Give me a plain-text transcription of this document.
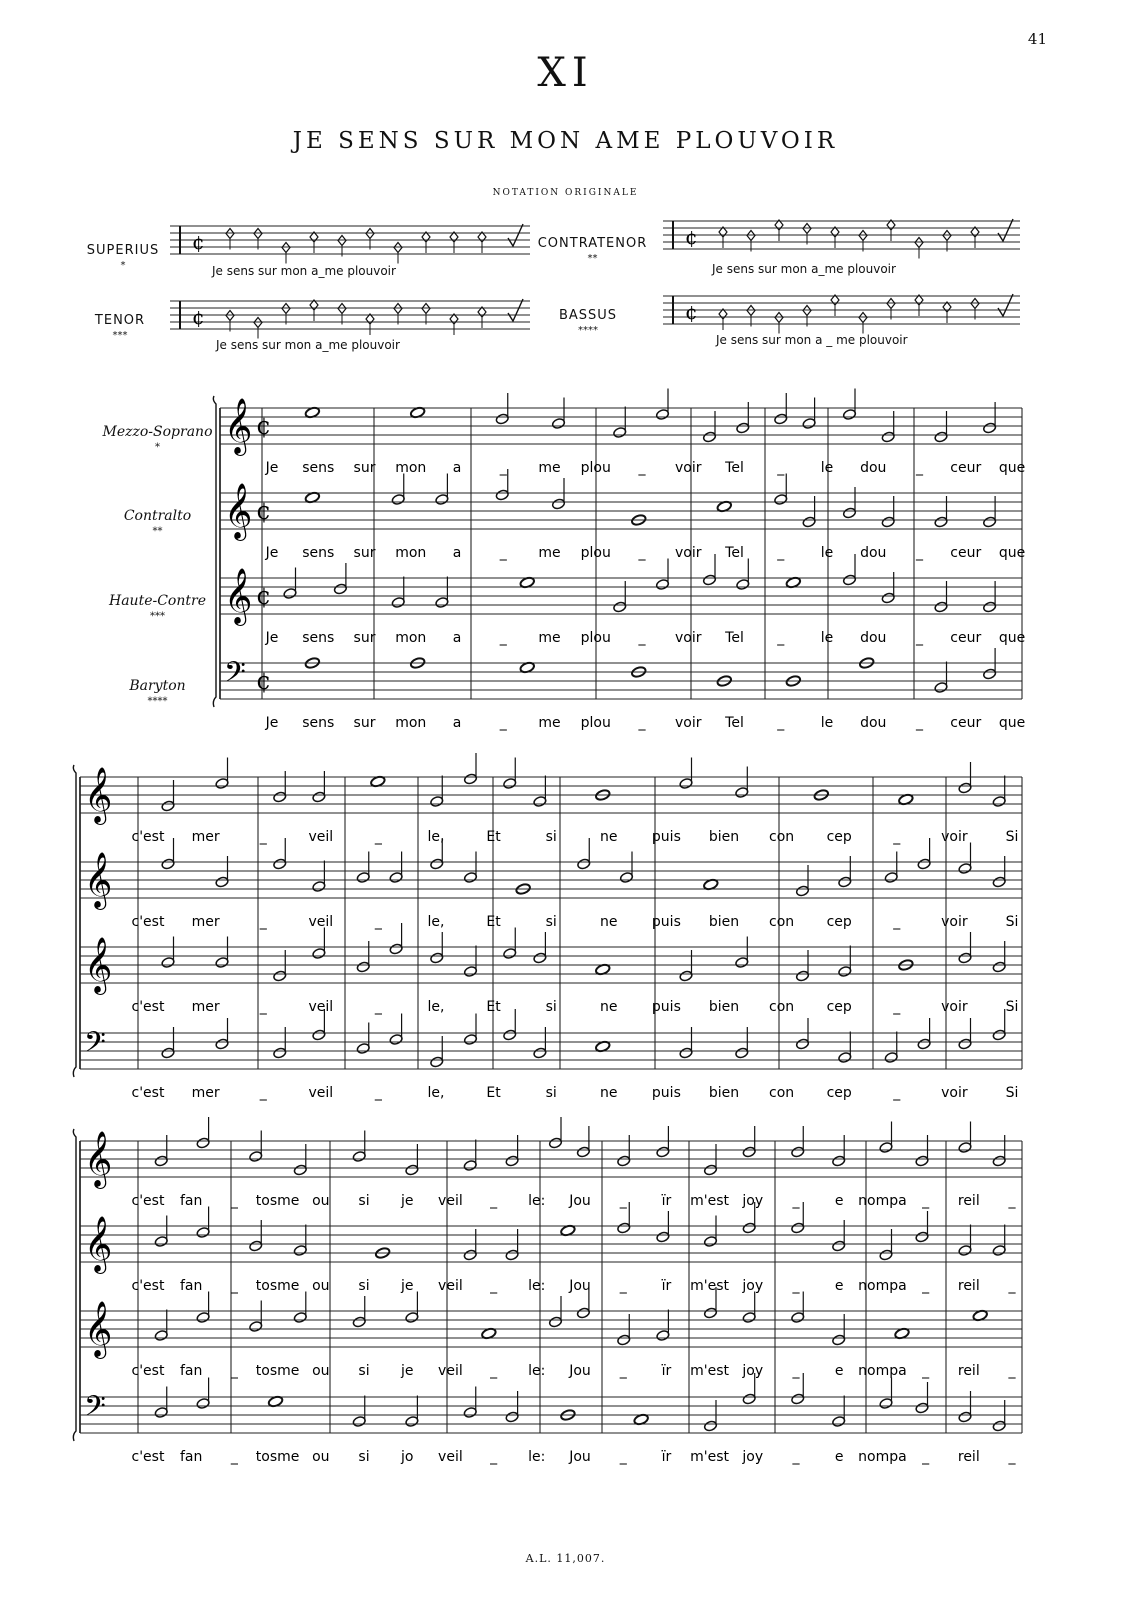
41
XI
JE SENS SUR MON AME PLOUVOIR
NOTATION ORIGINALE
SUPERIUS
*
CONTRATENOR
**
TENOR
***
BASSUS
****
Je sens sur mon a_me plouvoir	Je sens sur mon a_me plouvoir
Je sens sur mon a_me plouvoir	Je sens sur mon a _ me plouvoir
Mezzo-Soprano
*
Contralto
**
Haute-Contre
***
Baryton
****
¢	¢
¢	¢
𝄞 ¢
Je sens sur mon a	_ me plou _ voir Tel _	le dou _ ceur que
𝄞 ¢
Je sens sur mon a	_ me plou _ voir Tel _	le dou _ ceur que
𝄞 ¢
Je sens sur mon a	_ me plou _ voir Tel _	le dou _ ceur que
𝄢 ¢
Je sens sur mon a	_ me plou _ voir Tel _	le dou _ ceur que
𝄞
c'est mer	_	veil	_	le,	Et	si	ne puis bien con cep	_	voir	Si
𝄞
c'est mer	_	veil	_	le,	Et	si	ne puis bien con cep	_	voir	Si
𝄞
c'est mer	_	veil	_	le,	Et	si	ne puis bien con cep	_	voir	Si
𝄢
c'est mer	_	veil	_	le,	Et	si	ne puis bien con cep	_	voir	Si
𝄞
c'est fan _ tosme ou si je veil _ le: Jou _ ïr m'est joy _	e nompa _ reil _
𝄞
c'est fan _ tosme ou si je veil _ le: Jou _ ïr m'est joy _	e nompa _ reil _
𝄞
c'est fan _ tosme ou si je veil _ le: Jou _ ïr m'est joy _	e nompa _ reil _
𝄢
c'est fan _ tosme ou si jo veil _ le: Jou _ ïr m'est joy _	e nompa _ reil _
A.L. 11,007.
